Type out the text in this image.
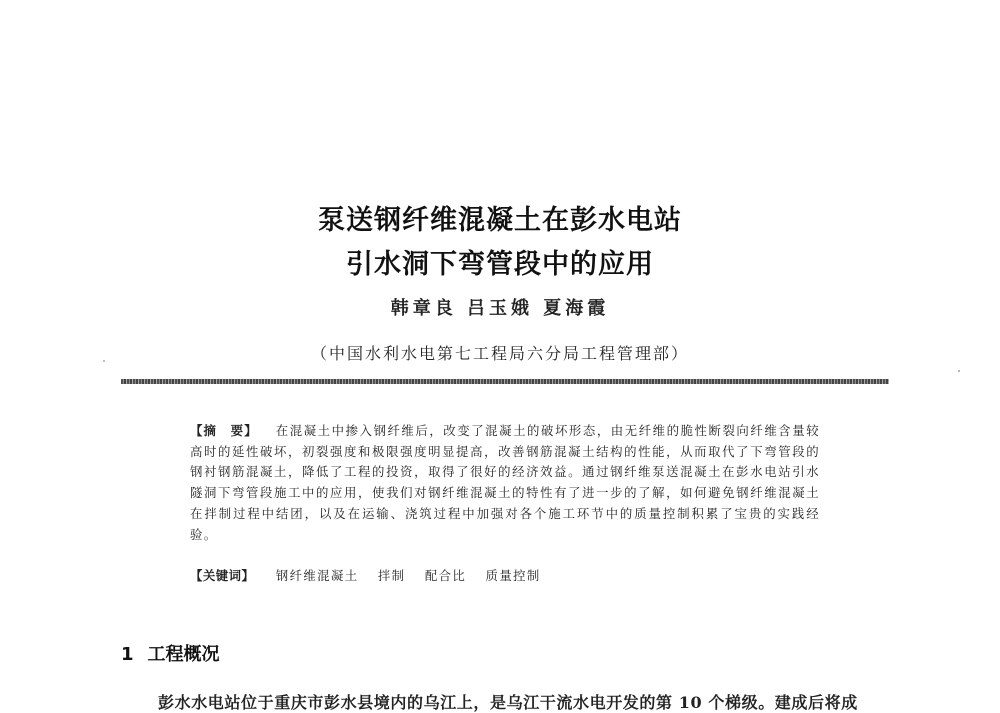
泵送钢纤维混凝土在彭水电站
引水洞下弯管段中的应用
韩章良 吕玉娥 夏海霞
（中国水利水电第七工程局六分局工程管理部）
【摘　要】 在混凝土中掺入钢纤维后，改变了混凝土的破坏形态，由无纤维的脆性断裂向纤维含量较高时的延性破坏，初裂强度和极限强度明显提高，改善钢筋混凝土结构的性能，从而取代了下弯管段的钢衬钢筋混凝土，降低了工程的投资，取得了很好的经济效益。通过钢纤维泵送混凝土在彭水电站引水隧洞下弯管段施工中的应用，使我们对钢纤维混凝土的特性有了进一步的了解，如何避免钢纤维混凝土在拌制过程中结团，以及在运输、浇筑过程中加强对各个施工环节中的质量控制积累了宝贵的实践经验。
【关键词】 钢纤维混凝土 拌制 配合比 质量控制
1 工程概况
彭水水电站位于重庆市彭水县境内的乌江上，是乌江干流水电开发的第 10 个梯级。建成后将成
